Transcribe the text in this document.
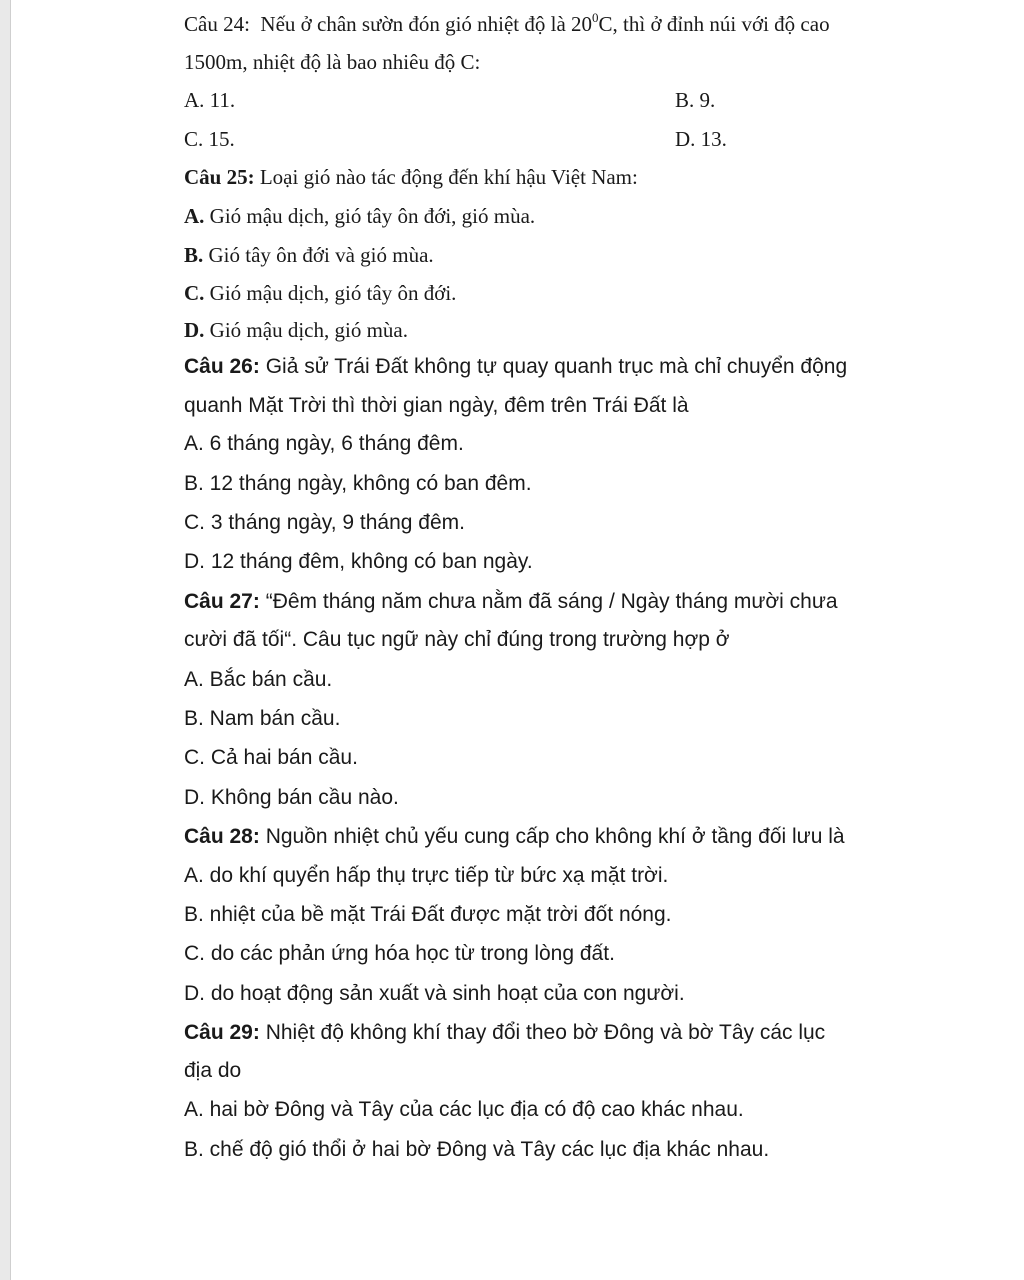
Câu 24: Nếu ở chân sườn đón gió nhiệt độ là $20^0C$, thì ở đỉnh núi với độ cao
1500m, nhiệt độ là bao nhiêu độ C:
A. 11.	B. 9.
C. 15.	D. 13.
Câu 25: Loại gió nào tác động đến khí hậu Việt Nam:
A. Gió mậu dịch, gió tây ôn đới, gió mùa.
B. Gió tây ôn đới và gió mùa.
C. Gió mậu dịch, gió tây ôn đới.
D. Gió mậu dịch, gió mùa.
Câu 26: Giả sử Trái Đất không tự quay quanh trục mà chỉ chuyển động
quanh Mặt Trời thì thời gian ngày, đêm trên Trái Đất là
A. 6 tháng ngày, 6 tháng đêm.
B. 12 tháng ngày, không có ban đêm.
C. 3 tháng ngày, 9 tháng đêm.
D. 12 tháng đêm, không có ban ngày.
Câu 27: “Đêm tháng năm chưa nằm đã sáng / Ngày tháng mười chưa
cười đã tối“. Câu tục ngữ này chỉ đúng trong trường hợp ở
A. Bắc bán cầu.
B. Nam bán cầu.
C. Cả hai bán cầu.
D. Không bán cầu nào.
Câu 28: Nguồn nhiệt chủ yếu cung cấp cho không khí ở tầng đối lưu là
A. do khí quyển hấp thụ trực tiếp từ bức xạ mặt trời.
B. nhiệt của bề mặt Trái Đất được mặt trời đốt nóng.
C. do các phản ứng hóa học từ trong lòng đất.
D. do hoạt động sản xuất và sinh hoạt của con người.
Câu 29: Nhiệt độ không khí thay đổi theo bờ Đông và bờ Tây các lục
địa do
A. hai bờ Đông và Tây của các lục địa có độ cao khác nhau.
B. chế độ gió thổi ở hai bờ Đông và Tây các lục địa khác nhau.
